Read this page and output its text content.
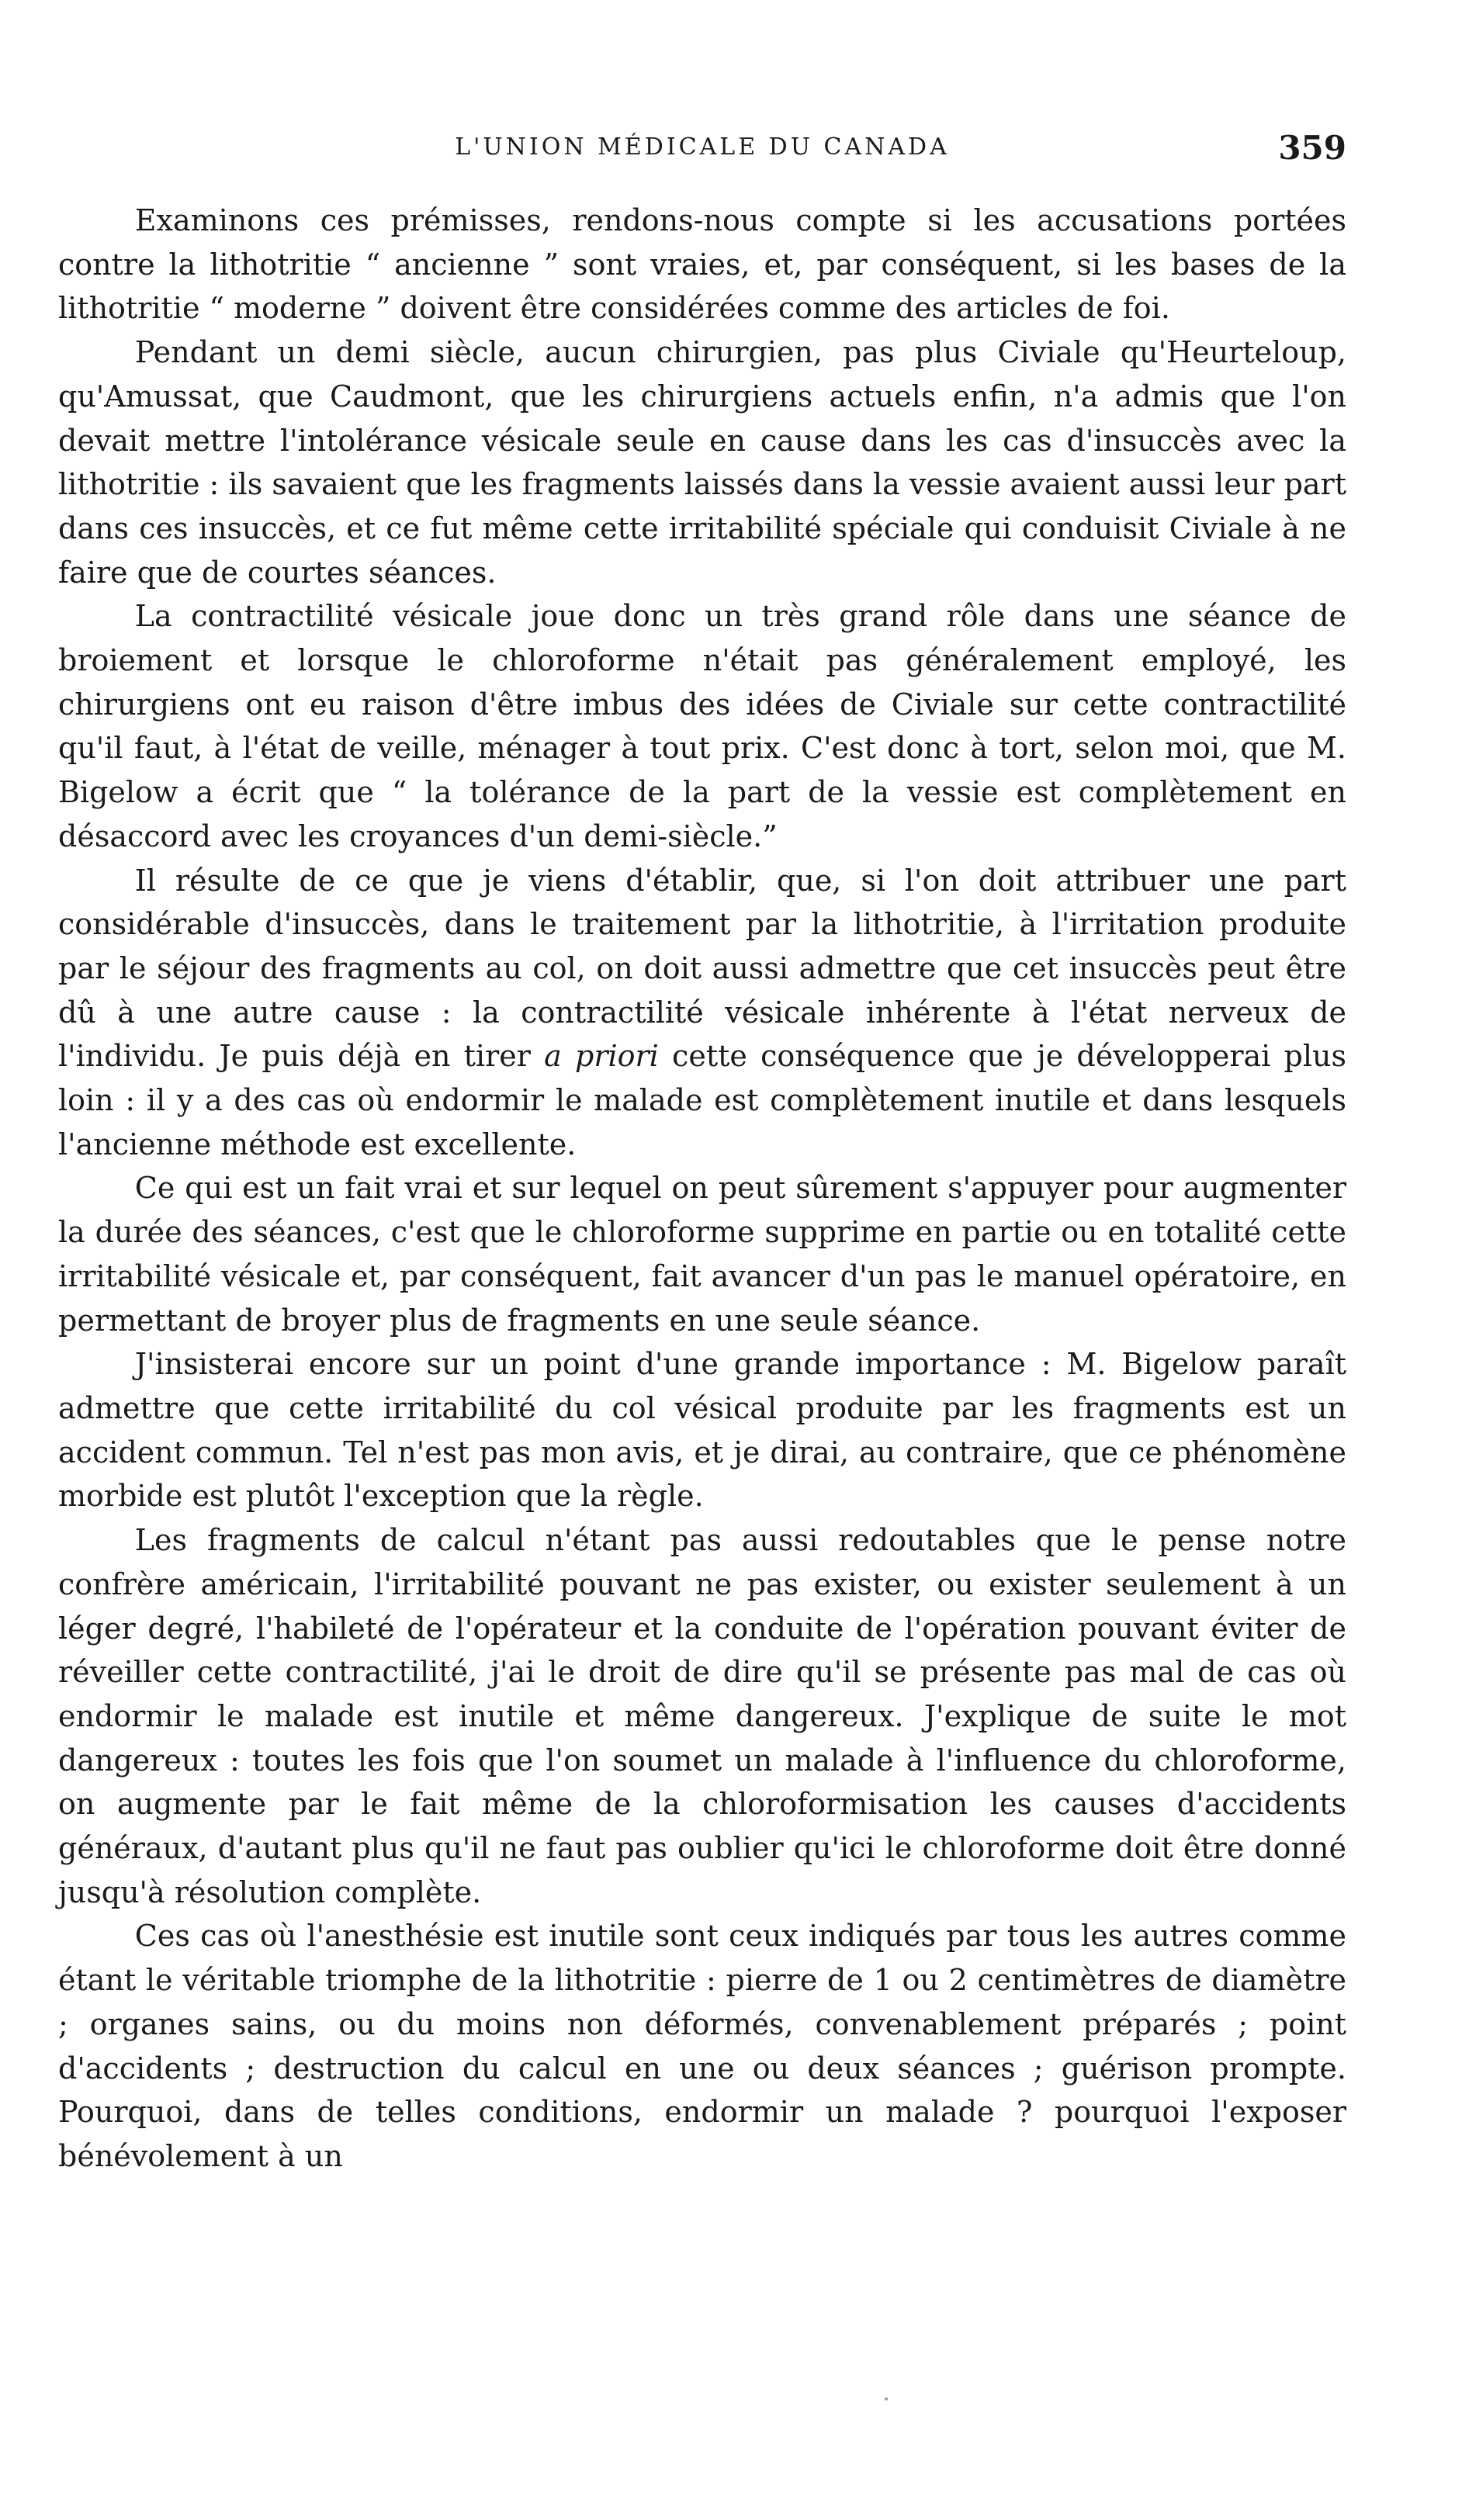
L'UNION MÉDICALE DU CANADA	359

Examinons ces prémisses, rendons-nous compte si les accusations portées contre la lithotritie “ ancienne ” sont vraies, et, par conséquent, si les bases de la lithotritie “ moderne ” doivent être considérées comme des articles de foi.

Pendant un demi siècle, aucun chirurgien, pas plus Civiale qu'Heurteloup, qu'Amussat, que Caudmont, que les chirurgiens actuels enfin, n'a admis que l'on devait mettre l'intolérance vésicale seule en cause dans les cas d'insuccès avec la lithotritie : ils savaient que les fragments laissés dans la vessie avaient aussi leur part dans ces insuccès, et ce fut même cette irritabilité spéciale qui conduisit Civiale à ne faire que de courtes séances.

La contractilité vésicale joue donc un très grand rôle dans une séance de broiement et lorsque le chloroforme n'était pas généralement employé, les chirurgiens ont eu raison d'être imbus des idées de Civiale sur cette contractilité qu'il faut, à l'état de veille, ménager à tout prix. C'est donc à tort, selon moi, que M. Bigelow a écrit que “ la tolérance de la part de la vessie est complètement en désaccord avec les croyances d'un demi-siècle.”

Il résulte de ce que je viens d'établir, que, si l'on doit attribuer une part considérable d'insuccès, dans le traitement par la lithotritie, à l'irritation produite par le séjour des fragments au col, on doit aussi admettre que cet insuccès peut être dû à une autre cause : la contractilité vésicale inhérente à l'état nerveux de l'individu. Je puis déjà en tirer a priori cette conséquence que je développerai plus loin : il y a des cas où endormir le malade est complètement inutile et dans lesquels l'ancienne méthode est excellente.

Ce qui est un fait vrai et sur lequel on peut sûrement s'appuyer pour augmenter la durée des séances, c'est que le chloroforme supprime en partie ou en totalité cette irritabilité vésicale et, par conséquent, fait avancer d'un pas le manuel opératoire, en permettant de broyer plus de fragments en une seule séance.

J'insisterai encore sur un point d'une grande importance : M. Bigelow paraît admettre que cette irritabilité du col vésical produite par les fragments est un accident commun. Tel n'est pas mon avis, et je dirai, au contraire, que ce phénomène morbide est plutôt l'exception que la règle.

Les fragments de calcul n'étant pas aussi redoutables que le pense notre confrère américain, l'irritabilité pouvant ne pas exister, ou exister seulement à un léger degré, l'habileté de l'opérateur et la conduite de l'opération pouvant éviter de réveiller cette contractilité, j'ai le droit de dire qu'il se présente pas mal de cas où endormir le malade est inutile et même dangereux. J'explique de suite le mot dangereux : toutes les fois que l'on soumet un malade à l'influence du chloroforme, on augmente par le fait même de la chloroformisation les causes d'accidents généraux, d'autant plus qu'il ne faut pas oublier qu'ici le chloroforme doit être donné jusqu'à résolution complète.

Ces cas où l'anesthésie est inutile sont ceux indiqués par tous les autres comme étant le véritable triomphe de la lithotritie : pierre de 1 ou 2 centimètres de diamètre ; organes sains, ou du moins non déformés, convenablement préparés ; point d'accidents ; destruction du calcul en une ou deux séances ; guérison prompte. Pourquoi, dans de telles conditions, endormir un malade ? pourquoi l'exposer bénévolement à un
